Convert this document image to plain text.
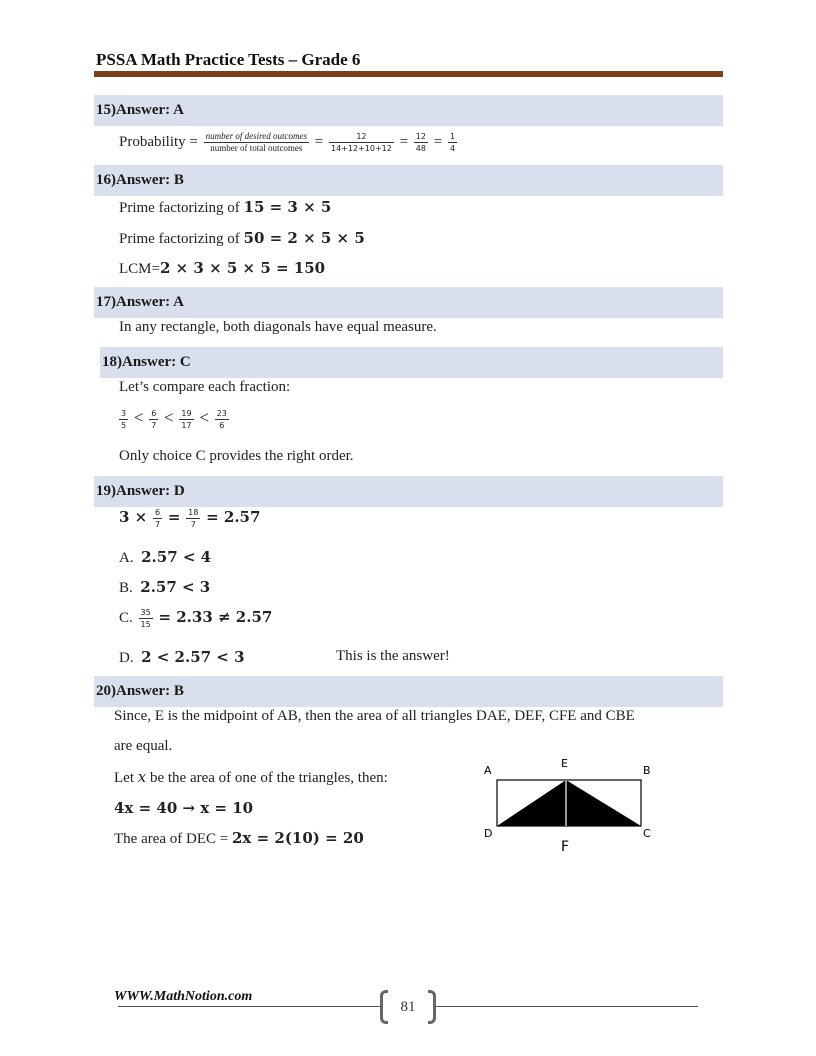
PSSA Math Practice Tests – Grade 6
15)Answer: A
Probability = $\frac{\text{number of desired outcomes}}{\text{number of total outcomes}} = \frac{12}{14+12+10+12} = \frac{12}{48} = \frac{1}{4}$
16)Answer: B
Prime factorizing of 15 = 3 × 5
Prime factorizing of 50 = 2 × 5 × 5
LCM=2 × 3 × 5 × 5 = 150
17)Answer: A
In any rectangle, both diagonals have equal measure.
18)Answer: C
Let’s compare each fraction:
$\frac{3}{5} < \frac{6}{7} < \frac{19}{17} < \frac{23}{6}$
Only choice C provides the right order.
19)Answer: D
$3 \times \frac{6}{7} = \frac{18}{7} = 2.57$
A. 2.57 < 4
B. 2.57 < 3
C. $\frac{35}{15} = 2.33 \ne 2.57$
D. 2 < 2.57 < 3	This is the answer!
20)Answer: B
Since, E is the midpoint of AB, then the area of all triangles DAE, DEF, CFE and CBE
are equal.
Let x be the area of one of the triangles, then:
4x = 40 → x = 10
The area of DEC = 2x = 2(10) = 20
A
E
B
D	C
F
WWW.MathNotion.com
81
